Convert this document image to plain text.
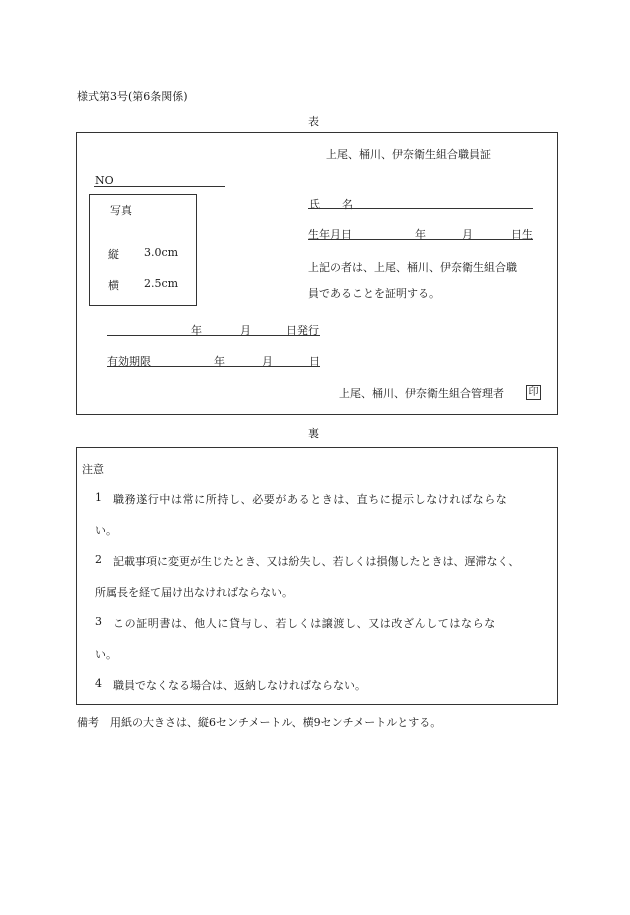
様式第3号(第6条関係)
表
上尾、桶川、伊奈衛生組合職員証
NO
写真
縦 3.0cm
横 2.5cm
氏　　名
生年月日	年	月	日生
上記の者は、上尾、桶川、伊奈衛生組合職
員であることを証明する。
年	月	日発行
有効期限	年	月	日
上尾、桶川、伊奈衛生組合管理者 印
裏
注意
1 職務遂行中は常に所持し、必要があるときは、直ちに提示しなければならな
い。
2 記載事項に変更が生じたとき、又は紛失し、若しくは損傷したときは、遅滞なく、
所属長を経て届け出なければならない。
3 この証明書は、他人に貸与し、若しくは譲渡し、又は改ざんしてはならな
い。
4 職員でなくなる場合は、返納しなければならない。
備考　用紙の大きさは、縦6センチメートル、横9センチメートルとする。
